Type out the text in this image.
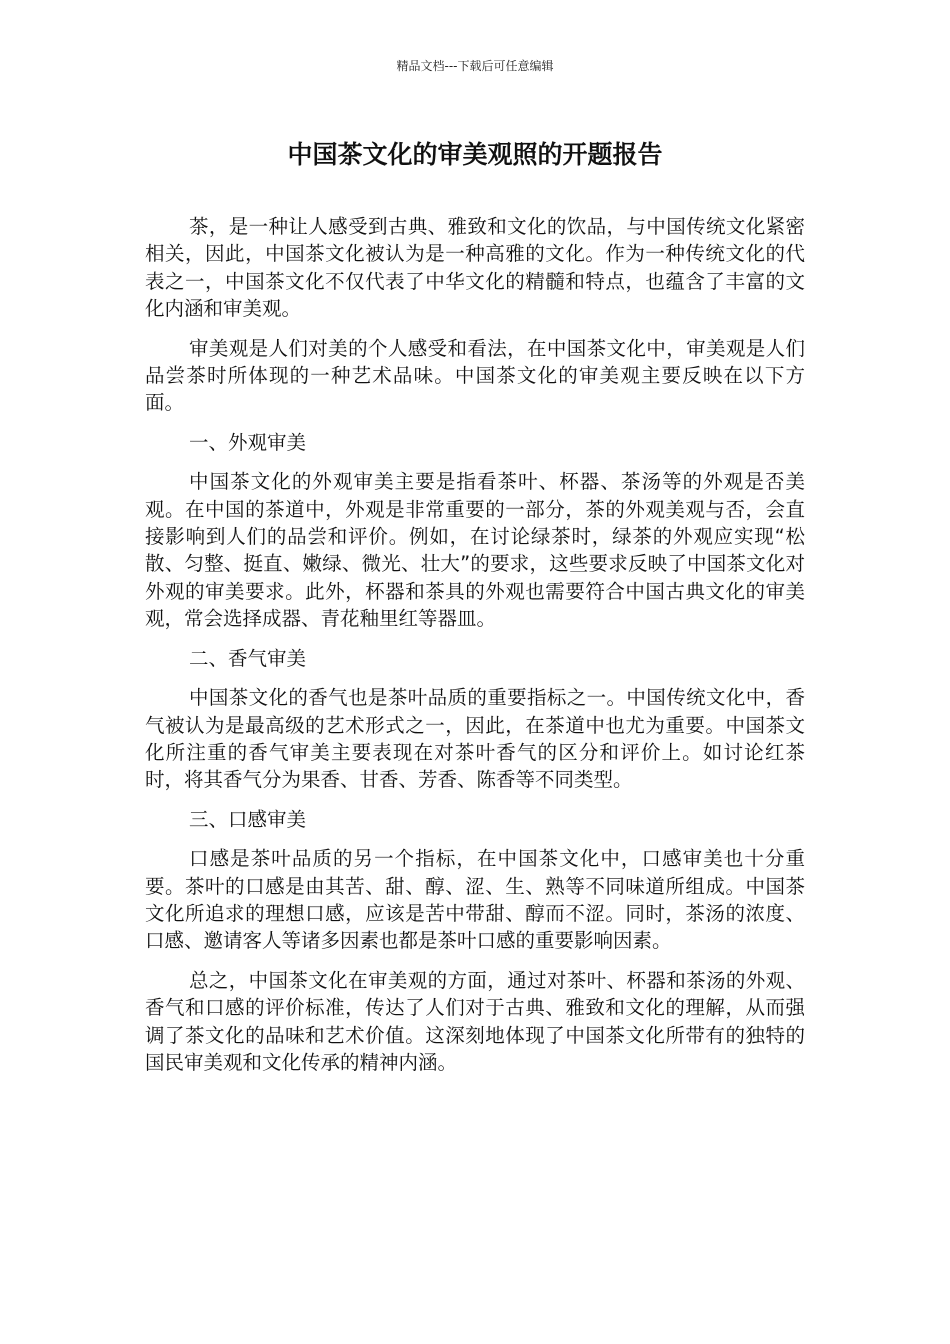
精品文档---下载后可任意编辑
中国茶文化的审美观照的开题报告

茶，是一种让人感受到古典、雅致和文化的饮品，与中国传统文化紧密相关，因此，中国茶文化被认为是一种高雅的文化。作为一种传统文化的代表之一，中国茶文化不仅代表了中华文化的精髓和特点，也蕴含了丰富的文化内涵和审美观。

审美观是人们对美的个人感受和看法，在中国茶文化中，审美观是人们品尝茶时所体现的一种艺术品味。中国茶文化的审美观主要反映在以下方面。

一、外观审美

中国茶文化的外观审美主要是指看茶叶、杯器、茶汤等的外观是否美观。在中国的茶道中，外观是非常重要的一部分，茶的外观美观与否，会直接影响到人们的品尝和评价。例如，在讨论绿茶时，绿茶的外观应实现“松散、匀整、挺直、嫩绿、微光、壮大”的要求，这些要求反映了中国茶文化对外观的审美要求。此外，杯器和茶具的外观也需要符合中国古典文化的审美观，常会选择成器、青花釉里红等器皿。

二、香气审美

中国茶文化的香气也是茶叶品质的重要指标之一。中国传统文化中，香气被认为是最高级的艺术形式之一，因此，在茶道中也尤为重要。中国茶文化所注重的香气审美主要表现在对茶叶香气的区分和评价上。如讨论红茶时，将其香气分为果香、甘香、芳香、陈香等不同类型。

三、口感审美

口感是茶叶品质的另一个指标，在中国茶文化中，口感审美也十分重要。茶叶的口感是由其苦、甜、醇、涩、生、熟等不同味道所组成。中国茶文化所追求的理想口感，应该是苦中带甜、醇而不涩。同时，茶汤的浓度、口感、邀请客人等诸多因素也都是茶叶口感的重要影响因素。

总之，中国茶文化在审美观的方面，通过对茶叶、杯器和茶汤的外观、香气和口感的评价标准，传达了人们对于古典、雅致和文化的理解，从而强调了茶文化的品味和艺术价值。这深刻地体现了中国茶文化所带有的独特的国民审美观和文化传承的精神内涵。
